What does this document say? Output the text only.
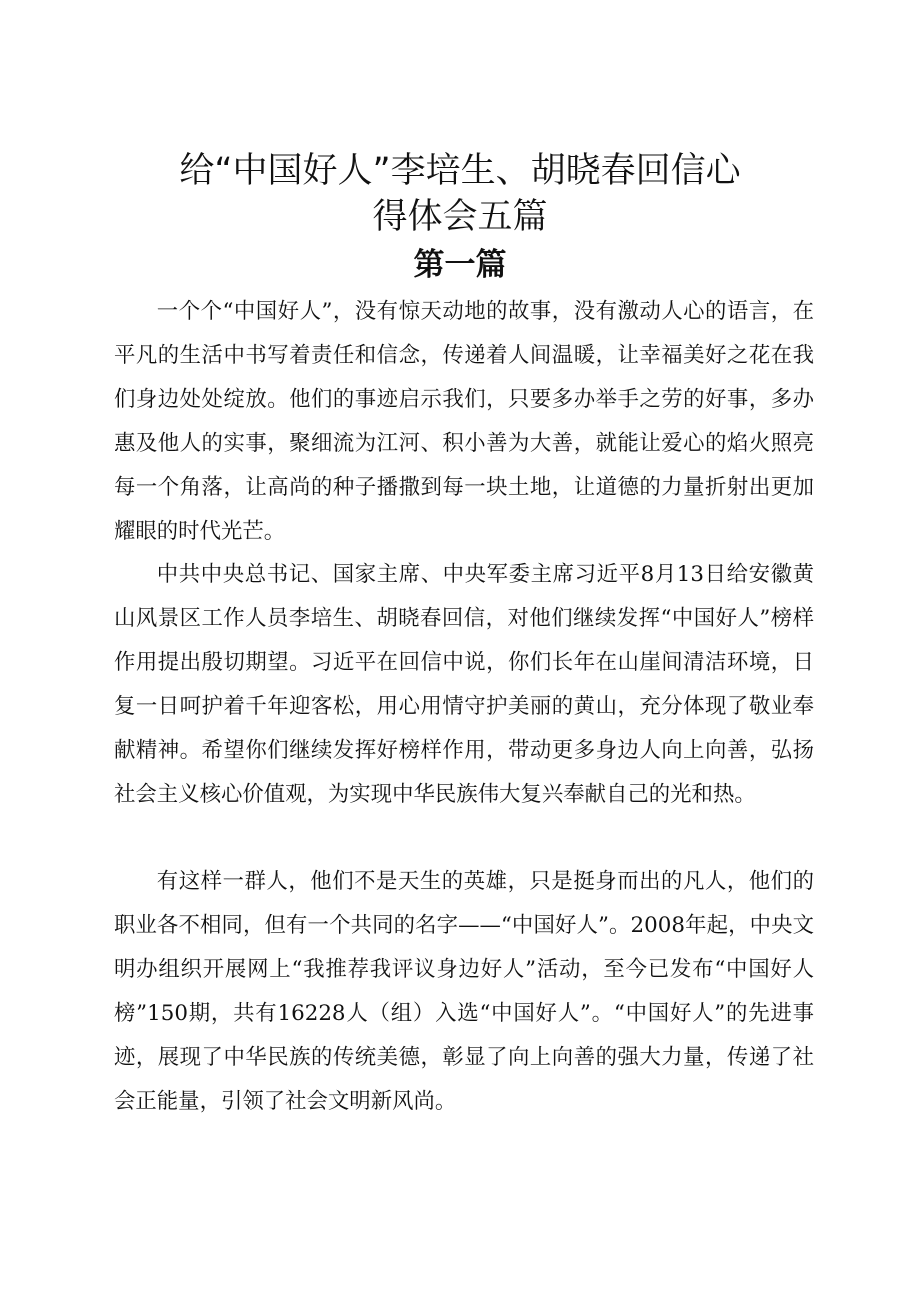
给“中国好人”李培生、胡晓春回信心
得体会五篇
第一篇

一个个“中国好人”，没有惊天动地的故事，没有激动人心的语言，在平凡的生活中书写着责任和信念，传递着人间温暖，让幸福美好之花在我们身边处处绽放。他们的事迹启示我们，只要多办举手之劳的好事，多办惠及他人的实事，聚细流为江河、积小善为大善，就能让爱心的焰火照亮每一个角落，让高尚的种子播撒到每一块土地，让道德的力量折射出更加耀眼的时代光芒。

中共中央总书记、国家主席、中央军委主席习近平8月13日给安徽黄山风景区工作人员李培生、胡晓春回信，对他们继续发挥“中国好人”榜样作用提出殷切期望。习近平在回信中说，你们长年在山崖间清洁环境，日复一日呵护着千年迎客松，用心用情守护美丽的黄山，充分体现了敬业奉献精神。希望你们继续发挥好榜样作用，带动更多身边人向上向善，弘扬社会主义核心价值观，为实现中华民族伟大复兴奉献自己的光和热。

有这样一群人，他们不是天生的英雄，只是挺身而出的凡人，他们的职业各不相同，但有一个共同的名字——“中国好人”。2008年起，中央文明办组织开展网上“我推荐我评议身边好人”活动，至今已发布“中国好人榜”150期，共有16228人（组）入选“中国好人”。“中国好人”的先进事迹，展现了中华民族的传统美德，彰显了向上向善的强大力量，传递了社会正能量，引领了社会文明新风尚。
